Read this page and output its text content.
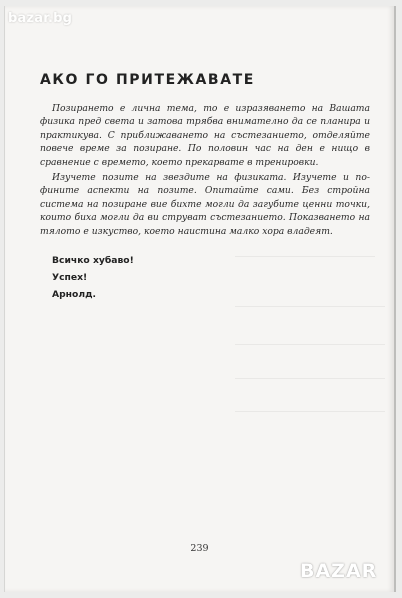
АКО ГО ПРИТЕЖАВАТЕ

Позирането е лична тема, то е изразяването на Вашата физика пред света и затова трябва внимателно да се планира и практикува. С приближаването на състезанието, отделяйте повече време за позиране. По половин час на ден е нищо в сравнение с времето, което прекарвате в тренировки.

Изучете позите на звездите на физиката. Изучете и по-фините аспекти на позите. Опитайте сами. Без стройна система на позиране вие бихте могли да загубите ценни точки, които биха могли да ви струват състезанието. Показването на тялото е изкуство, което наистина малко хора владеят.

Всичко хубаво!

Успех!

Арнолд.

239
bazar.bg
BAZAR
